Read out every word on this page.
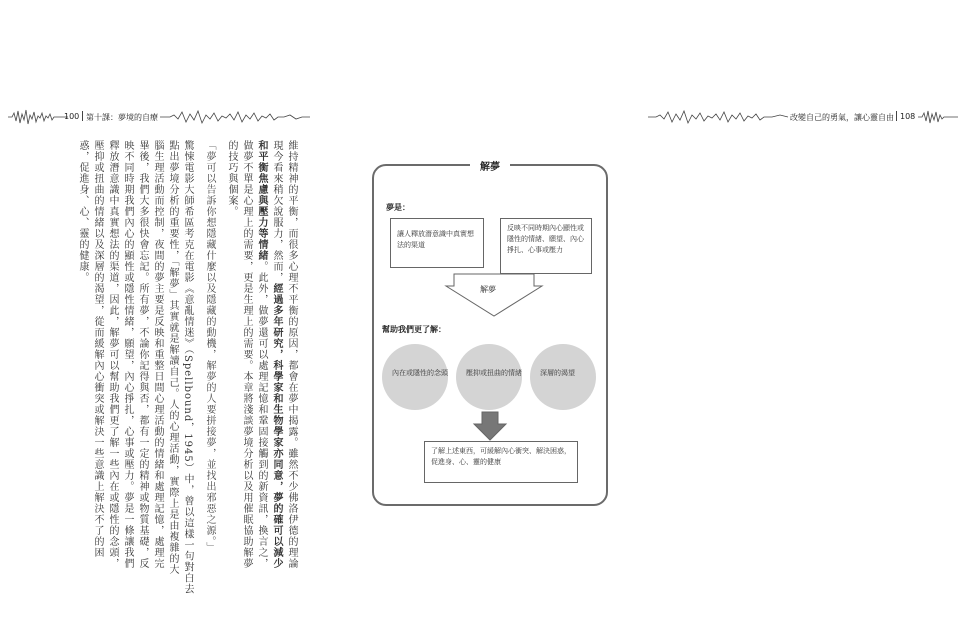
100 第十課：夢境的自療
維持精神的平衡，而很多心理不平衡的原因，都會在夢中揭露。雖然不少佛洛伊德的理論
現今看來稍欠說服力，然而，經過多年研究，科學家和生物學家亦同意，夢的確可以減少
和平衡焦慮與壓力等情緒。此外，做夢還可以處理記憶和鞏固接觸到的新資訊，換言之，
做夢不單是心理上的需要，更是生理上的需要。本章將淺談夢境分析以及用催眠協助解夢
的技巧與個案。
「夢可以告訴你想隱藏什麼以及隱藏的動機，解夢的人要拼接夢，並找出邪惡之源。」
驚悚電影大師希區考克在電影《意亂情迷》（Spellbound，1945）中，曾以這樣一句對白去
點出夢境分析的重要性，「解夢」其實就是解讀自己。人的心理活動，實際上是由複雜的大
腦生理活動而控制，夜間的夢主要是反映和重整日間心理活動的情緒和處理記憶，處理完
畢後，我們大多很快會忘記。所有夢，不論你記得與否，都有一定的精神或物質基礎，反
映不同時期我們內心的顯性或隱性情緒，願望，內心掙扎，心事或壓力。夢是一條讓我們
釋放潛意識中真實想法的渠道，因此，解夢可以幫助我們更了解一些內在或隱性的念頭，
壓抑或扭曲的情緒以及深層的渴望，從而緩解內心衝突或解決一些意識上解決不了的困
惑，促進身、心、靈的健康。
改變自己的勇氣，讓心靈自由 108
解夢
夢是：
讓人釋放潛意識中真實想法的渠道
反映不同時期內心顯性或隱性的情緒、願望、內心掙扎、心事或壓力
解夢
幫助我們更了解：
內在或隱性的念頭	壓抑或扭曲的情緒	深層的渴望
了解上述東西，可緩解內心衝突、解決困惑，促進身、心、靈的健康
